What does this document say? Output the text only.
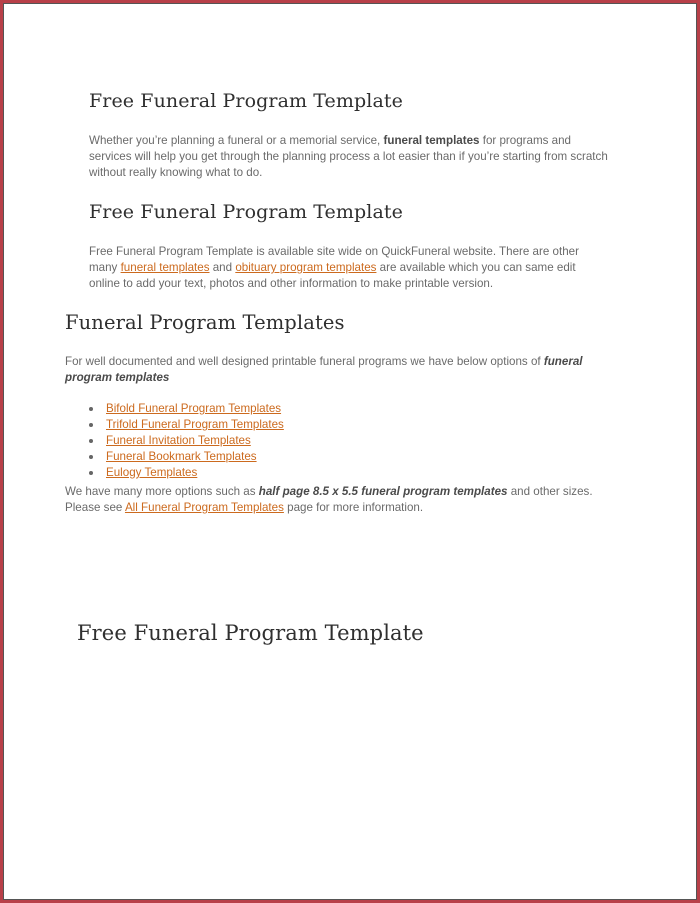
Free Funeral Program Template

Whether you’re planning a funeral or a memorial service, funeral templates for programs and services will help you get through the planning process a lot easier than if you’re starting from scratch without really knowing what to do.

Free Funeral Program Template

Free Funeral Program Template is available site wide on QuickFuneral website. There are other many funeral templates and obituary program templates are available which you can same edit online to add your text, photos and other information to make printable version.

Funeral Program Templates

For well documented and well designed printable funeral programs we have below options of funeral program templates

Bifold Funeral Program Templates
Trifold Funeral Program Templates
Funeral Invitation Templates
Funeral Bookmark Templates
Eulogy Templates

We have many more options such as half page 8.5 x 5.5 funeral program templates and other sizes. Please see All Funeral Program Templates page for more information.

Free Funeral Program Template
